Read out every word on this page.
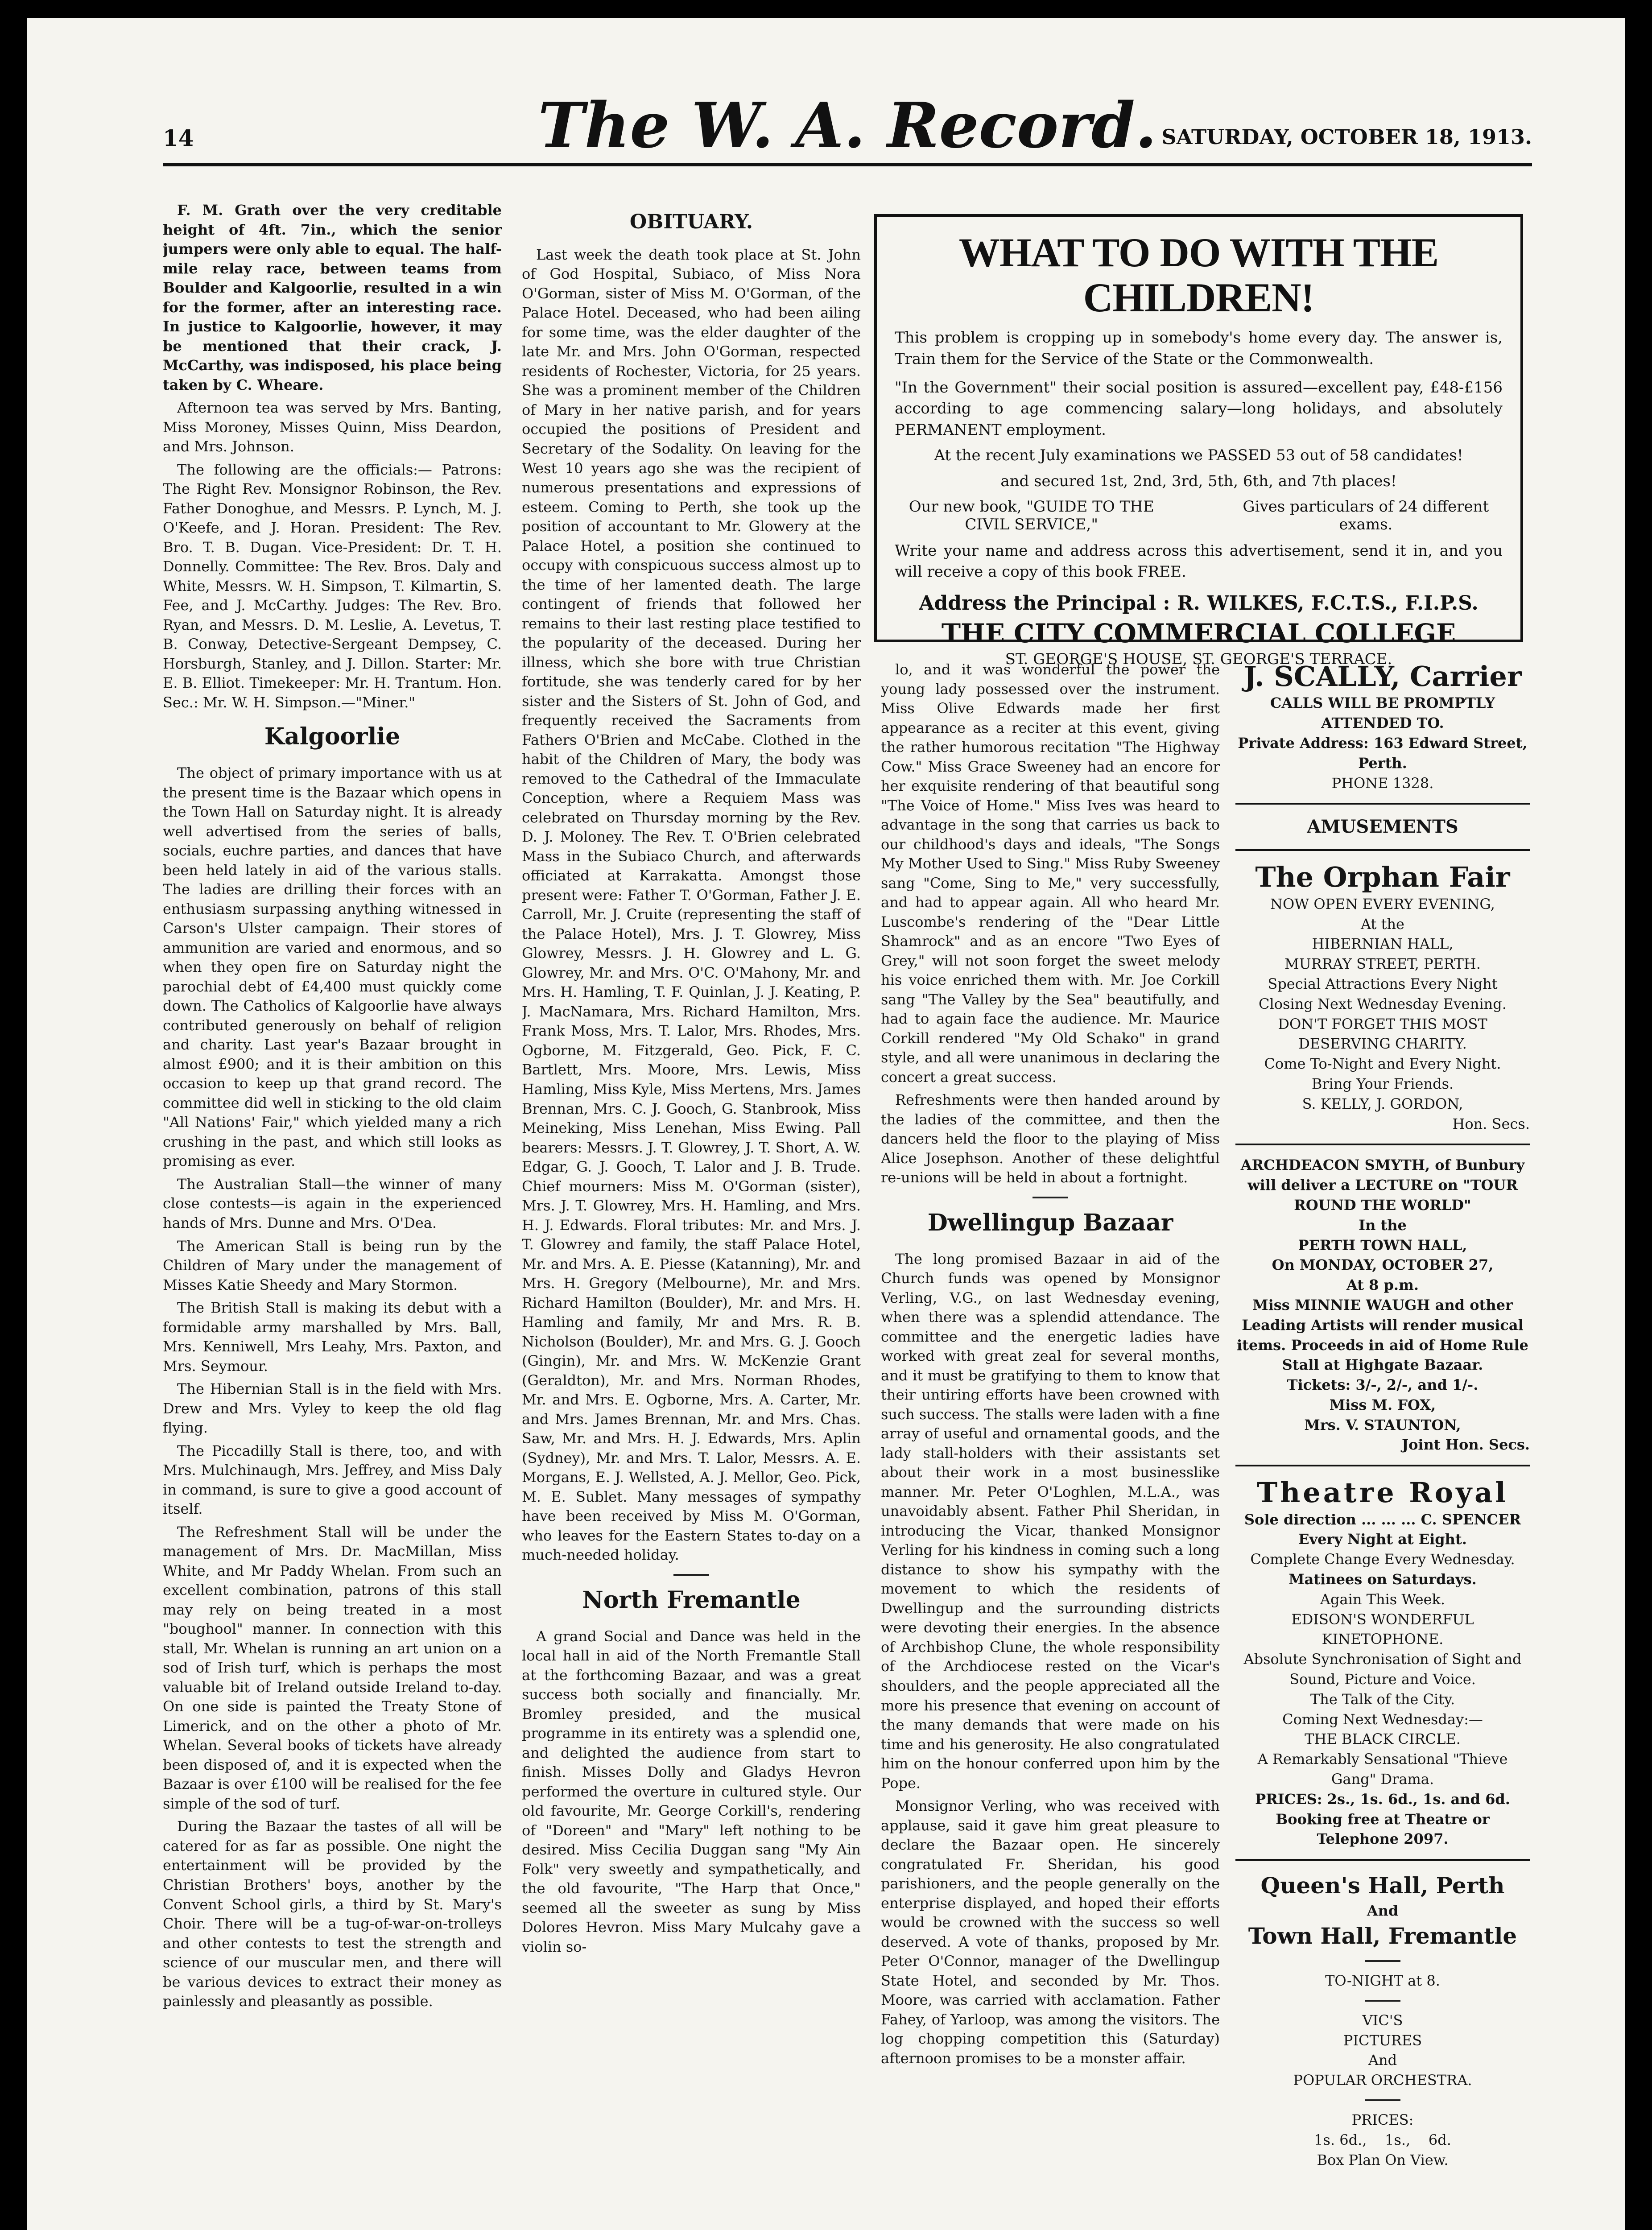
14	The W. A. Record. SATURDAY, OCTOBER 18, 1913.

F. M. Grath over the very creditable height of 4ft. 7in., which the senior jumpers were only able to equal. The half-mile relay race, between teams from Boulder and Kalgoorlie, resulted in a win for the former, after an interesting race. In justice to Kalgoorlie, however, it may be mentioned that their crack, J. McCarthy, was indisposed, his place being taken by C. Wheare.

Afternoon tea was served by Mrs. Banting, Miss Moroney, Misses Quinn, Miss Deardon, and Mrs. Johnson.

The following are the officials:— Patrons: The Right Rev. Monsignor Robinson, the Rev. Father Donoghue, and Messrs. P. Lynch, M. J. O'Keefe, and J. Horan. President: The Rev. Bro. T. B. Dugan. Vice-President: Dr. T. H. Donnelly. Committee: The Rev. Bros. Daly and White, Messrs. W. H. Simpson, T. Kilmartin, S. Fee, and J. McCarthy. Judges: The Rev. Bro. Ryan, and Messrs. D. M. Leslie, A. Levetus, T. B. Conway, Detective-Sergeant Dempsey, C. Horsburgh, Stanley, and J. Dillon. Starter: Mr. E. B. Elliot. Timekeeper: Mr. H. Trantum. Hon. Sec.: Mr. W. H. Simpson.—"Miner."

Kalgoorlie

The object of primary importance with us at the present time is the Bazaar which opens in the Town Hall on Saturday night. It is already well advertised from the series of balls, socials, euchre parties, and dances that have been held lately in aid of the various stalls. The ladies are drilling their forces with an enthusiasm surpassing anything witnessed in Carson's Ulster campaign. Their stores of ammunition are varied and enormous, and so when they open fire on Saturday night the parochial debt of £4,400 must quickly come down. The Catholics of Kalgoorlie have always contributed generously on behalf of religion and charity. Last year's Bazaar brought in almost £900; and it is their ambition on this occasion to keep up that grand record. The committee did well in sticking to the old claim "All Nations' Fair," which yielded many a rich crushing in the past, and which still looks as promising as ever.

The Australian Stall—the winner of many close contests—is again in the experienced hands of Mrs. Dunne and Mrs. O'Dea.

The American Stall is being run by the Children of Mary under the management of Misses Katie Sheedy and Mary Stormon.

The British Stall is making its debut with a formidable army marshalled by Mrs. Ball, Mrs. Kenniwell, Mrs Leahy, Mrs. Paxton, and Mrs. Seymour.

The Hibernian Stall is in the field with Mrs. Drew and Mrs. Vyley to keep the old flag flying.

The Piccadilly Stall is there, too, and with Mrs. Mulchinaugh, Mrs. Jeffrey, and Miss Daly in command, is sure to give a good account of itself.

The Refreshment Stall will be under the management of Mrs. Dr. MacMillan, Miss White, and Mr Paddy Whelan. From such an excellent combination, patrons of this stall may rely on being treated in a most "boughool" manner. In connection with this stall, Mr. Whelan is running an art union on a sod of Irish turf, which is perhaps the most valuable bit of Ireland outside Ireland to-day. On one side is painted the Treaty Stone of Limerick, and on the other a photo of Mr. Whelan. Several books of tickets have already been disposed of, and it is expected when the Bazaar is over £100 will be realised for the fee simple of the sod of turf.

During the Bazaar the tastes of all will be catered for as far as possible. One night the entertainment will be provided by the Christian Brothers' boys, another by the Convent School girls, a third by St. Mary's Choir. There will be a tug-of-war-on-trolleys and other contests to test the strength and science of our muscular men, and there will be various devices to extract their money as painlessly and pleasantly as possible.

OBITUARY.

Last week the death took place at St. John of God Hospital, Subiaco, of Miss Nora O'Gorman, sister of Miss M. O'Gorman, of the Palace Hotel. Deceased, who had been ailing for some time, was the elder daughter of the late Mr. and Mrs. John O'Gorman, respected residents of Rochester, Victoria, for 25 years. She was a prominent member of the Children of Mary in her native parish, and for years occupied the positions of President and Secretary of the Sodality. On leaving for the West 10 years ago she was the recipient of numerous presentations and expressions of esteem. Coming to Perth, she took up the position of accountant to Mr. Glowery at the Palace Hotel, a position she continued to occupy with conspicuous success almost up to the time of her lamented death. The large contingent of friends that followed her remains to their last resting place testified to the popularity of the deceased. During her illness, which she bore with true Christian fortitude, she was tenderly cared for by her sister and the Sisters of St. John of God, and frequently received the Sacraments from Fathers O'Brien and McCabe. Clothed in the habit of the Children of Mary, the body was removed to the Cathedral of the Immaculate Conception, where a Requiem Mass was celebrated on Thursday morning by the Rev. D. J. Moloney. The Rev. T. O'Brien celebrated Mass in the Subiaco Church, and afterwards officiated at Karrakatta. Amongst those present were: Father T. O'Gorman, Father J. E. Carroll, Mr. J. Cruite (representing the staff of the Palace Hotel), Mrs. J. T. Glowrey, Miss Glowrey, Messrs. J. H. Glowrey and L. G. Glowrey, Mr. and Mrs. O'C. O'Mahony, Mr. and Mrs. H. Hamling, T. F. Quinlan, J. J. Keating, P. J. MacNamara, Mrs. Richard Hamilton, Mrs. Frank Moss, Mrs. T. Lalor, Mrs. Rhodes, Mrs. Ogborne, M. Fitzgerald, Geo. Pick, F. C. Bartlett, Mrs. Moore, Mrs. Lewis, Miss Hamling, Miss Kyle, Miss Mertens, Mrs. James Brennan, Mrs. C. J. Gooch, G. Stanbrook, Miss Meineking, Miss Lenehan, Miss Ewing. Pall bearers: Messrs. J. T. Glowrey, J. T. Short, A. W. Edgar, G. J. Gooch, T. Lalor and J. B. Trude. Chief mourners: Miss M. O'Gorman (sister), Mrs. J. T. Glowrey, Mrs. H. Hamling, and Mrs. H. J. Edwards. Floral tributes: Mr. and Mrs. J. T. Glowrey and family, the staff Palace Hotel, Mr. and Mrs. A. E. Piesse (Katanning), Mr. and Mrs. H. Gregory (Melbourne), Mr. and Mrs. Richard Hamilton (Boulder), Mr. and Mrs. H. Hamling and family, Mr and Mrs. R. B. Nicholson (Boulder), Mr. and Mrs. G. J. Gooch (Gingin), Mr. and Mrs. W. McKenzie Grant (Geraldton), Mr. and Mrs. Norman Rhodes, Mr. and Mrs. E. Ogborne, Mrs. A. Carter, Mr. and Mrs. James Brennan, Mr. and Mrs. Chas. Saw, Mr. and Mrs. H. J. Edwards, Mrs. Aplin (Sydney), Mr. and Mrs. T. Lalor, Messrs. A. E. Morgans, E. J. Wellsted, A. J. Mellor, Geo. Pick, M. E. Sublet. Many messages of sympathy have been received by Miss M. O'Gorman, who leaves for the Eastern States to-day on a much-needed holiday.

North Fremantle

A grand Social and Dance was held in the local hall in aid of the North Fremantle Stall at the forthcoming Bazaar, and was a great success both socially and financially. Mr. Bromley presided, and the musical programme in its entirety was a splendid one, and delighted the audience from start to finish. Misses Dolly and Gladys Hevron performed the overture in cultured style. Our old favourite, Mr. George Corkill's, rendering of "Doreen" and "Mary" left nothing to be desired. Miss Cecilia Duggan sang "My Ain Folk" very sweetly and sympathetically, and the old favourite, "The Harp that Once," seemed all the sweeter as sung by Miss Dolores Hevron. Miss Mary Mulcahy gave a violin so-

WHAT TO DO WITH THE CHILDREN!
This problem is cropping up in somebody's home every day. The answer is, Train them for the Service of the State or the Commonwealth.
"In the Government" their social position is assured—excellent pay, £48-£156 according to age commencing salary—long holidays, and absolutely PERMANENT employment.
At the recent July examinations we PASSED 53 out of 58 candidates!
and secured 1st, 2nd, 3rd, 5th, 6th, and 7th places!
Our new book, "GUIDE TO THE CIVIL SERVICE,"
Gives particulars of 24 different exams.
Write your name and address across this advertisement, send it in, and you will receive a copy of this book FREE.
Address the Principal : R. WILKES, F.C.T.S., F.I.P.S.
THE CITY COMMERCIAL COLLEGE
ST. GEORGE'S HOUSE, ST. GEORGE'S TERRACE.

lo, and it was wonderful the power the young lady possessed over the instrument. Miss Olive Edwards made her first appearance as a reciter at this event, giving the rather humorous recitation "The Highway Cow." Miss Grace Sweeney had an encore for her exquisite rendering of that beautiful song "The Voice of Home." Miss Ives was heard to advantage in the song that carries us back to our childhood's days and ideals, "The Songs My Mother Used to Sing." Miss Ruby Sweeney sang "Come, Sing to Me," very successfully, and had to appear again. All who heard Mr. Luscombe's rendering of the "Dear Little Shamrock" and as an encore "Two Eyes of Grey," will not soon forget the sweet melody his voice enriched them with. Mr. Joe Corkill sang "The Valley by the Sea" beautifully, and had to again face the audience. Mr. Maurice Corkill rendered "My Old Schako" in grand style, and all were unanimous in declaring the concert a great success.

Refreshments were then handed around by the ladies of the committee, and then the dancers held the floor to the playing of Miss Alice Josephson. Another of these delightful re-unions will be held in about a fortnight.

Dwellingup Bazaar

The long promised Bazaar in aid of the Church funds was opened by Monsignor Verling, V.G., on last Wednesday evening, when there was a splendid attendance. The committee and the energetic ladies have worked with great zeal for several months, and it must be gratifying to them to know that their untiring efforts have been crowned with such success. The stalls were laden with a fine array of useful and ornamental goods, and the lady stall-holders with their assistants set about their work in a most businesslike manner. Mr. Peter O'Loghlen, M.L.A., was unavoidably absent. Father Phil Sheridan, in introducing the Vicar, thanked Monsignor Verling for his kindness in coming such a long distance to show his sympathy with the movement to which the residents of Dwellingup and the surrounding districts were devoting their energies. In the absence of Archbishop Clune, the whole responsibility of the Archdiocese rested on the Vicar's shoulders, and the people appreciated all the more his presence that evening on account of the many demands that were made on his time and his generosity. He also congratulated him on the honour conferred upon him by the Pope.

Monsignor Verling, who was received with applause, said it gave him great pleasure to declare the Bazaar open. He sincerely congratulated Fr. Sheridan, his good parishioners, and the people generally on the enterprise displayed, and hoped their efforts would be crowned with the success so well deserved. A vote of thanks, proposed by Mr. Peter O'Connor, manager of the Dwellingup State Hotel, and seconded by Mr. Thos. Moore, was carried with acclamation. Father Fahey, of Yarloop, was among the visitors. The log chopping competition this (Saturday) afternoon promises to be a monster affair.

J. SCALLY, Carrier
CALLS WILL BE PROMPTLY ATTENDED TO.
Private Address: 163 Edward Street, Perth.
PHONE 1328.
AMUSEMENTS
The Orphan Fair
NOW OPEN EVERY EVENING,
At the
HIBERNIAN HALL,
MURRAY STREET, PERTH.
Special Attractions Every Night
Closing Next Wednesday Evening.
DON'T FORGET THIS MOST DESERVING CHARITY.
Come To-Night and Every Night.
Bring Your Friends.
S. KELLY, J. GORDON,
Hon. Secs.
ARCHDEACON SMYTH, of Bunbury will deliver a LECTURE on "TOUR ROUND THE WORLD"
In the
PERTH TOWN HALL,
On MONDAY, OCTOBER 27,
At 8 p.m.
Miss MINNIE WAUGH and other Leading Artists will render musical items. Proceeds in aid of Home Rule Stall at Highgate Bazaar.
Tickets: 3/-, 2/-, and 1/-.
Miss M. FOX,
Mrs. V. STAUNTON,
Joint Hon. Secs.
Theatre Royal
Sole direction ... ... ... C. SPENCER
Every Night at Eight.
Complete Change Every Wednesday.
Matinees on Saturdays.
Again This Week.
EDISON'S WONDERFUL KINETOPHONE.
Absolute Synchronisation of Sight and Sound, Picture and Voice.
The Talk of the City.
Coming Next Wednesday:—
THE BLACK CIRCLE.
A Remarkably Sensational "Thieve Gang" Drama.
PRICES: 2s., 1s. 6d., 1s. and 6d. Booking free at Theatre or Telephone 2097.
Queen's Hall, Perth
And
Town Hall, Fremantle
TO-NIGHT at 8.
VIC'S
PICTURES
And
POPULAR ORCHESTRA.
PRICES:
1s. 6d.,    1s.,    6d.
Box Plan On View.
